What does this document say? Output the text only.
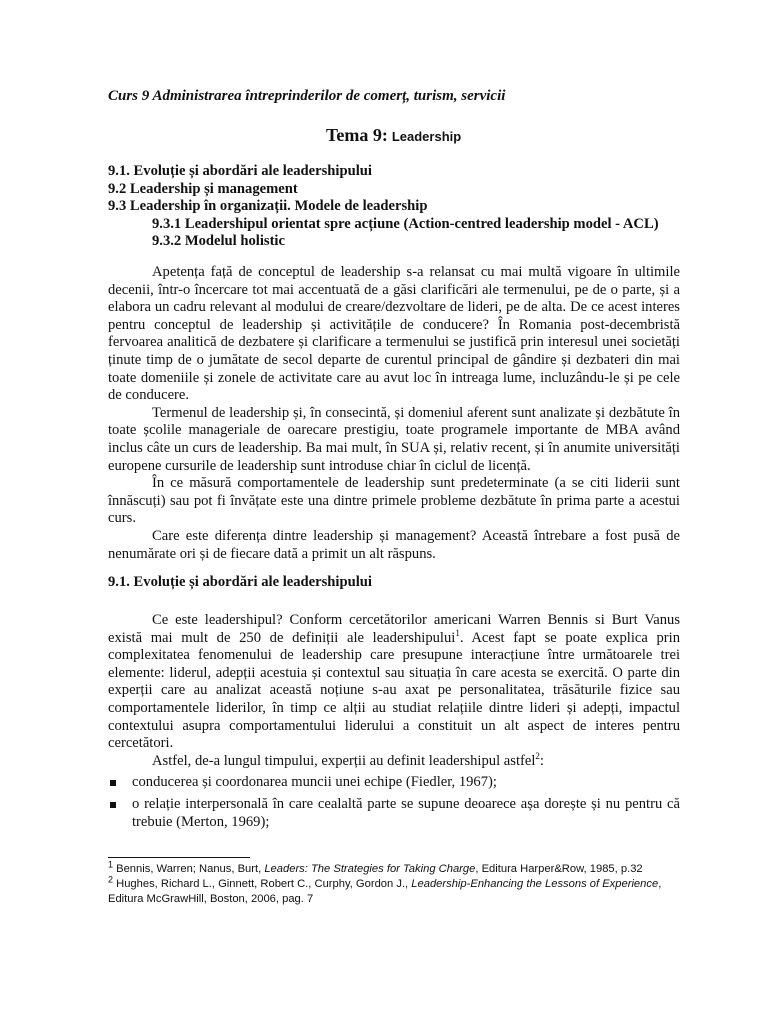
Curs 9 Administrarea întreprinderilor de comerț, turism, servicii
Tema 9: Leadership
9.1. Evoluție și abordări ale leadershipului
9.2 Leadership și management
9.3 Leadership în organizații. Modele de leadership
9.3.1 Leadershipul orientat spre acțiune (Action-centred leadership model - ACL)
9.3.2 Modelul holistic

Apetența față de conceptul de leadership s-a relansat cu mai multă vigoare în ultimile decenii, într-o încercare tot mai accentuată de a găsi clarificări ale termenului, pe de o parte, și a elabora un cadru relevant al modului de creare/dezvoltare de lideri, pe de alta. De ce acest interes pentru conceptul de leadership și activitățile de conducere? În Romania post-decembristă fervoarea analitică de dezbatere și clarificare a termenului se justifică prin interesul unei societăți ținute timp de o jumătate de secol departe de curentul principal de gândire și dezbateri din mai toate domeniile și zonele de activitate care au avut loc în intreaga lume, incluzându-le și pe cele de conducere.

Termenul de leadership și, în consecintă, și domeniul aferent sunt analizate și dezbătute în toate școlile manageriale de oarecare prestigiu, toate programele importante de MBA având inclus câte un curs de leadership. Ba mai mult, în SUA și, relativ recent, și în anumite universități europene cursurile de leadership sunt introduse chiar în ciclul de licență.

În ce măsură comportamentele de leadership sunt predeterminate (a se citi liderii sunt înnăscuți) sau pot fi învățate este una dintre primele probleme dezbătute în prima parte a acestui curs.

Care este diferența dintre leadership și management? Această întrebare a fost pusă de nenumărate ori și de fiecare dată a primit un alt răspuns.

9.1. Evoluție și abordări ale leadershipului

Ce este leadershipul? Conform cercetătorilor americani Warren Bennis si Burt Vanus există mai mult de 250 de definiții ale leadershipului$^1$. Acest fapt se poate explica prin complexitatea fenomenului de leadership care presupune interacțiune între următoarele trei elemente: liderul, adepții acestuia și contextul sau situația în care acesta se exercită. O parte din experții care au analizat această noțiune s-au axat pe personalitatea, trăsăturile fizice sau comportamentele liderilor, în timp ce alții au studiat relațiile dintre lideri și adepți, impactul contextului asupra comportamentului liderului a constituit un alt aspect de interes pentru cercetători.

Astfel, de-a lungul timpului, experții au definit leadershipul astfel$^2$:

conducerea și coordonarea muncii unei echipe (Fiedler, 1967);
o relație interpersonală în care cealaltă parte se supune deoarece așa dorește și nu pentru că trebuie (Merton, 1969);

$^1$ Bennis, Warren; Nanus, Burt, Leaders: The Strategies for Taking Charge, Editura Harper&Row, 1985, p.32

$^2$ Hughes, Richard L., Ginnett, Robert C., Curphy, Gordon J., Leadership-Enhancing the Lessons of Experience, Editura McGrawHill, Boston, 2006, pag. 7
